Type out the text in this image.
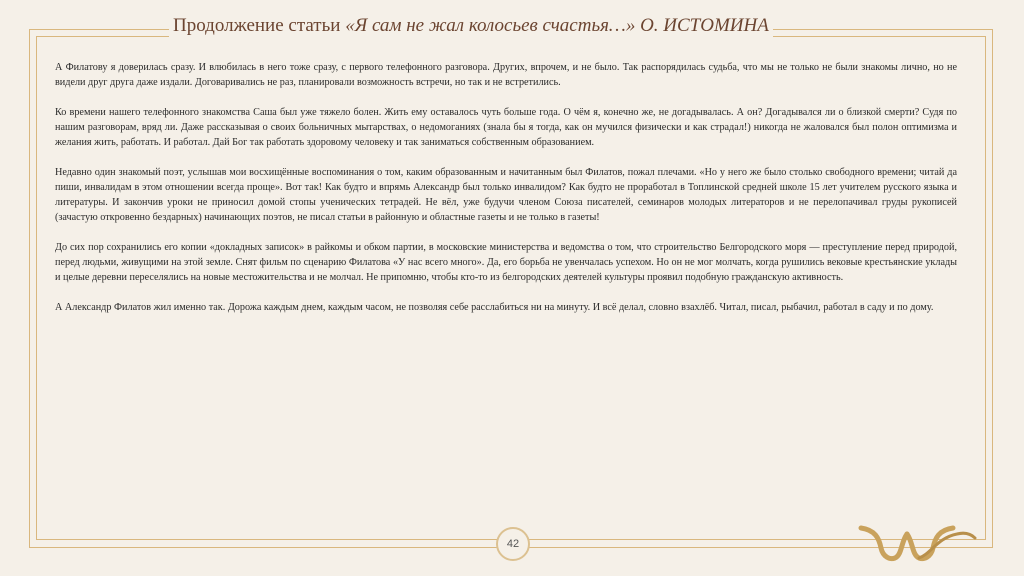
Продолжение статьи «Я сам не жал колосьев счастья…» О. ИСТОМИНА

А Филатову я доверилась сразу. И влюбилась в него тоже сразу, с первого телефонного разговора. Других, впрочем, и не было. Так распорядилась судьба, что мы не только не были знакомы лично, но не видели друг друга даже издали. Договаривались не раз, планировали возможность встречи, но так и не встретились.

Ко времени нашего телефонного знакомства Саша был уже тяжело болен. Жить ему оставалось чуть больше года. О чём я, конечно же, не догадывалась. А он? Догадывался ли о близкой смерти? Судя по нашим разговорам, вряд ли. Даже рассказывая о своих больничных мытарствах, о недомоганиях (знала бы я тогда, как он мучился физически и как страдал!) никогда не жаловался был полон оптимизма и желания жить, работать. И работал. Дай Бог так работать здоровому человеку и так заниматься собственным образованием.

Недавно один знакомый поэт, услышав мои восхищённые воспоминания о том, каким образованным и начитанным был Филатов, пожал плечами. «Но у него же было столько свободного времени; читай да пиши, инвалидам в этом отношении всегда проще». Вот так! Как будто и впрямь Александр был только инвалидом? Как будто не проработал в Топлинской средней школе 15 лет учителем русского языка и литературы. И закончив уроки не приносил домой стопы ученических тетрадей. Не вёл, уже будучи членом Союза писателей, семинаров молодых литераторов и не перелопачивал груды рукописей (зачастую откровенно бездарных) начинающих поэтов, не писал статьи в районную и областные газеты и не только в газеты!

До сих пор сохранились его копии «докладных записок» в райкомы и обком партии, в московские министерства и ведомства о том, что строительство Белгородского моря — преступление перед природой, перед людьми, живущими на этой земле. Снят фильм по сценарию Филатова «У нас всего много». Да, его борьба не увенчалась успехом. Но он не мог молчать, когда рушились вековые крестьянские уклады и целые деревни переселялись на новые местожительства и не молчал. Не припомню, чтобы кто-то из белгородских деятелей культуры проявил подобную гражданскую активность.

А Александр Филатов жил именно так. Дорожа каждым днем, каждым часом, не позволяя себе расслабиться ни на минуту. И всё делал, словно взахлёб. Читал, писал, рыбачил, работал в саду и по дому.

42
